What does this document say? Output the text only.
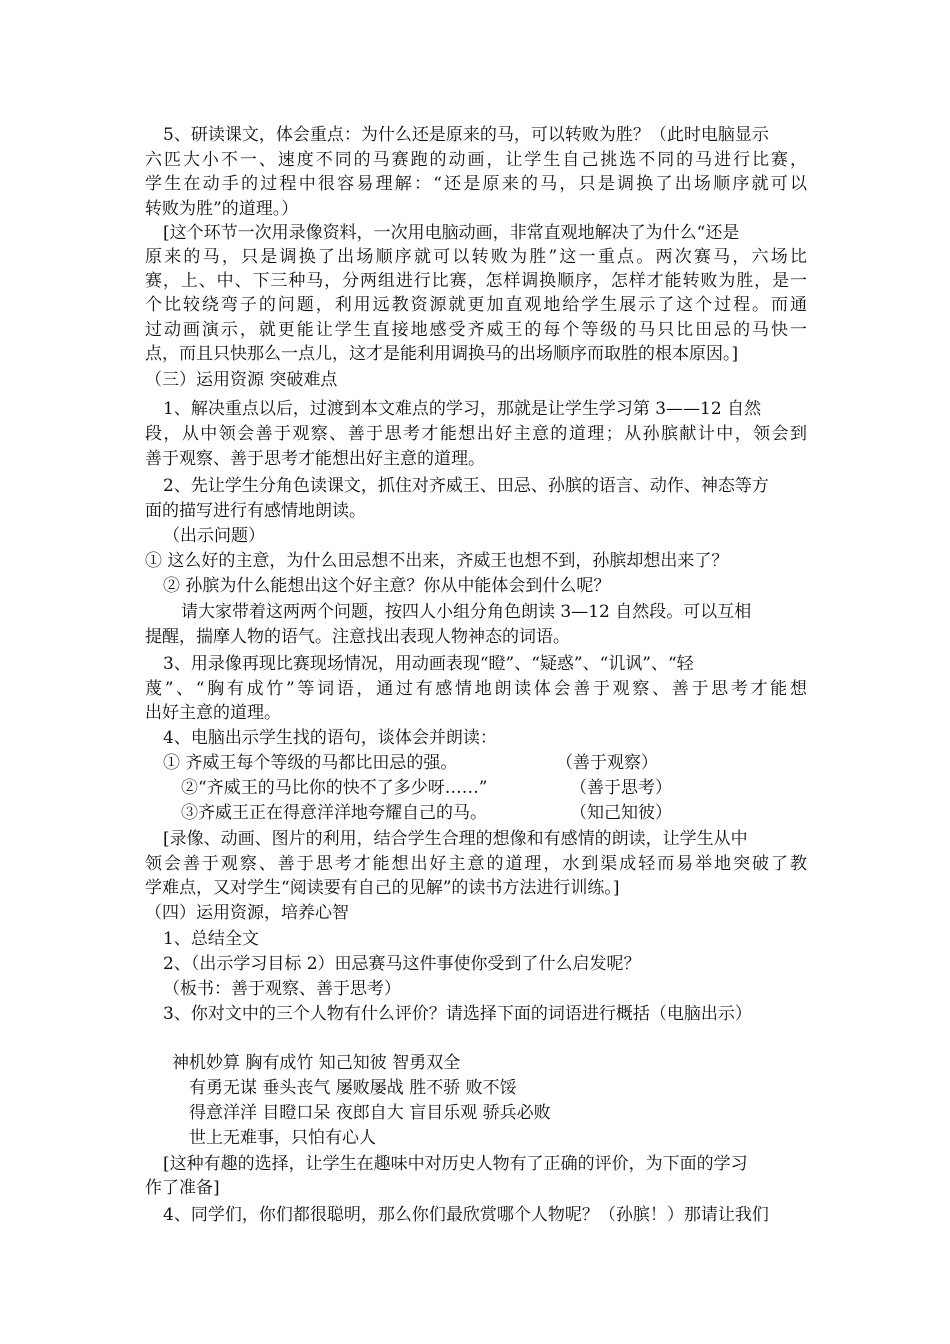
5、研读课文，体会重点：为什么还是原来的马，可以转败为胜？（此时电脑显示
六匹大小不一、速度不同的马赛跑的动画，让学生自己挑选不同的马进行比赛，
学生在动手的过程中很容易理解：“还是原来的马，只是调换了出场顺序就可以
转败为胜”的道理。）
[这个环节一次用录像资料，一次用电脑动画，非常直观地解决了为什么“还是
原来的马，只是调换了出场顺序就可以转败为胜”这一重点。两次赛马，六场比
赛，上、中、下三种马，分两组进行比赛，怎样调换顺序，怎样才能转败为胜，是一
个比较绕弯子的问题，利用远教资源就更加直观地给学生展示了这个过程。而通
过动画演示，就更能让学生直接地感受齐威王的每个等级的马只比田忌的马快一
点，而且只快那么一点儿，这才是能利用调换马的出场顺序而取胜的根本原因。]
（三）运用资源 突破难点
1、解决重点以后，过渡到本文难点的学习，那就是让学生学习第 3——12 自然
段，从中领会善于观察、善于思考才能想出好主意的道理；从孙膑献计中，领会到
善于观察、善于思考才能想出好主意的道理。
2、先让学生分角色读课文，抓住对齐威王、田忌、孙膑的语言、动作、神态等方
面的描写进行有感情地朗读。
（出示问题）
① 这么好的主意，为什么田忌想不出来，齐威王也想不到，孙膑却想出来了？
② 孙膑为什么能想出这个好主意？你从中能体会到什么呢？
请大家带着这两两个问题，按四人小组分角色朗读 3—12 自然段。可以互相
提醒，揣摩人物的语气。注意找出表现人物神态的词语。
3、用录像再现比赛现场情况，用动画表现“瞪”、“疑惑”、“讥讽”、“轻
蔑”、“胸有成竹”等词语，通过有感情地朗读体会善于观察、善于思考才能想
出好主意的道理。
4、电脑出示学生找的语句，谈体会并朗读：
① 齐威王每个等级的马都比田忌的强。	（善于观察）
②“齐威王的马比你的快不了多少呀……”	（善于思考）
③齐威王正在得意洋洋地夸耀自己的马。	（知己知彼）
[录像、动画、图片的利用，结合学生合理的想像和有感情的朗读，让学生从中
领会善于观察、善于思考才能想出好主意的道理，水到渠成轻而易举地突破了教
学难点，又对学生“阅读要有自己的见解”的读书方法进行训练。]
（四）运用资源，培养心智
1、总结全文
2、（出示学习目标 2）田忌赛马这件事使你受到了什么启发呢？
（板书：善于观察、善于思考）
3、你对文中的三个人物有什么评价？请选择下面的词语进行概括（电脑出示）
神机妙算 胸有成竹 知己知彼 智勇双全
有勇无谋 垂头丧气 屡败屡战 胜不骄 败不馁
得意洋洋 目瞪口呆 夜郎自大 盲目乐观 骄兵必败
世上无难事，只怕有心人
[这种有趣的选择，让学生在趣味中对历史人物有了正确的评价，为下面的学习
作了准备]
4、同学们，你们都很聪明，那么你们最欣赏哪个人物呢？（孙膑！）那请让我们
